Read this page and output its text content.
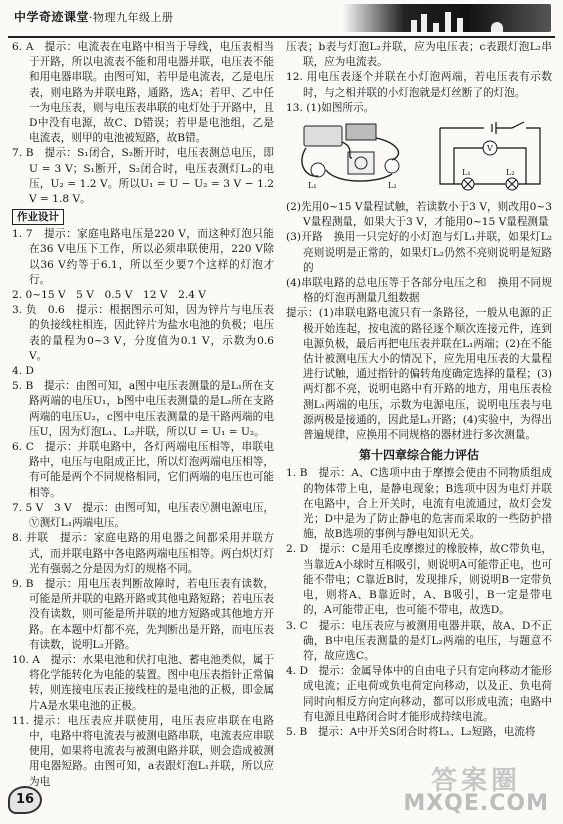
中学奇迹课堂·物理九年级上册

6. A　提示：电流表在电路中相当于导线，电压表相当于开路，所以电流表不能和用电器并联，电压表不能和用电器串联。由图可知，若甲是电流表，乙是电压表，则电路为并联电路，通路，选A；若甲、乙中任一为电压表，则与电压表串联的电灯处于开路中，且D中没有电源，故C、D错误；若甲是电池组，乙是电流表，则甲的电池被短路，故B错。

7. B　提示：S₁闭合，S₂断开时，电压表测总电压，即U = 3 V；S₁断开，S₂闭合时，电压表测灯L₂的电压，U₂ = 1.2 V。所以U₁ = U − U₂ = 3 V − 1.2 V = 1.8 V。

作业设计

1. 7　提示：家庭电路电压是220 V，而这种灯泡只能在36 V电压下工作，所以必须串联使用，220 V除以36 V约等于6.1，所以至少要7个这样的灯泡才行。

2. 0~15 V　5 V　0.5 V　12 V　2.4 V

3. 负　0.6　提示：根据图示可知，因为锌片与电压表的负接线柱相连，因此锌片为盐水电池的负极；电压表的量程为0~3 V，分度值为0.1 V，示数为0.6 V。

4. D

5. B　提示：由图可知，a图中电压表测量的是L₁所在支路两端的电压U₁，b图中电压表测量的是L₂所在支路两端的电压U₂，c图中电压表测量的是干路两端的电压U，因为灯泡L₁、L₂并联，所以U = U₁ = U₂。

6. C　提示：并联电路中，各灯两端电压相等，串联电路中，电压与电阻成正比，所以灯泡两端电压相等，有可能是两个不同规格相同，它们两端的电压也可能相等。

7. 5 V　3 V　提示：由图可知，电压表Ⓥ测电源电压，Ⓥ测灯L₁两端电压。

8. 并联　提示：家庭电路的用电器之间都采用并联方式，而并联电路中各电路两端电压相等。两白炽灯灯光有强弱之分是因为灯的规格不同。

9. B　提示：用电压表判断故障时，若电压表有读数，可能是所并联的电路开路或其他电路短路；若电压表没有读数，则可能是所并联的地方短路或其他地方开路。在本题中灯都不亮，先判断出是开路，而电压表有读数，说明L₂开路。

10. A　提示：水果电池和伏打电池、蓄电池类似，属于将化学能转化为电能的装置。图中电压表指针正常偏转，则连接电压表正接线柱的是电池的正极，即金属片A是水果电池的正极。

11. 提示：电压表应并联使用，电压表应串联在电路中，电路中将电流表与被测电路串联，电流表应串联使用，如果将电流表与被测电路并联，则会造成被测用电器短路。由图可知，a表跟灯泡L₁并联，所以应为电

压表；b表与灯泡L₂并联，应为电压表；c表跟灯泡L₂串联，应为电流表。

12. 用电压表逐个并联在小灯泡两端，若电压表有示数时，与之相并联的小灯泡就是灯丝断了的灯泡。

13. (1)如图所示。

L₁	L₂
V
L₁	L₂

(2)先用0~15 V量程试触，若读数小于3 V，则改用0~3 V量程测量，如果大于3 V，才能用0~15 V量程测量

(3)开路　换用一只完好的小灯泡与灯L₁并联，如果灯L₂亮则说明是正常的，如果灯L₂仍然不亮则说明是短路的

(4)串联电路的总电压等于各部分电压之和　换用不同规格的灯泡再测量几组数据

提示：(1)串联电路电流只有一条路径，一般从电源的正极开始连起，按电流的路径逐个顺次连接元件，连到电源负极，最后再把电压表并联在L₁两端；(2)在不能估计被测电压大小的情况下，应先用电压表的大量程进行试触，通过指针的偏转角度确定选择的量程；(3)两灯都不亮，说明电路中有开路的地方，用电压表检测L₁两端的电压，示数为电源电压，说明电压表与电源两极是接通的，因此是L₁开路；(4)实验中，为得出普遍规律，应换用不同规格的器材进行多次测量。

第十四章综合能力评估

1. B　提示：A、C选项中由于摩擦会使由不同物质组成的物体带上电，是静电现象；B选项中因为电灯并联在电路中，合上开关时，电流有电流通过，故灯会发光；D中是为了防止静电的危害而采取的一些防护措施，故B选项的事例与静电知识无关。

2. D　提示：C是用毛皮摩擦过的橡胶棒，故C带负电，当靠近A小球时互相吸引，则说明A可能带正电，也可能不带电；C靠近B时，发现排斥，则说明B一定带负电，则将A、B靠近时，A、B吸引，B一定是带电的，A可能带正电，也可能不带电，故选D。

3. C　提示：电压表应与被测用电器并联，故A、D不正确，B中电压表测量的是灯L₂两端的电压，与题意不符，故应选C。

4. D　提示：金属导体中的自由电子只有定向移动才能形成电流；正电荷或负电荷定向移动，以及正、负电荷同时向相反方向定向移动，都可以形成电流；电路中有电源且电路闭合时才能形成持续电流。

5. B　提示：A中开关S闭合时将L₁、L₂短路，电流将

16
答案圈
MXQE.COM
